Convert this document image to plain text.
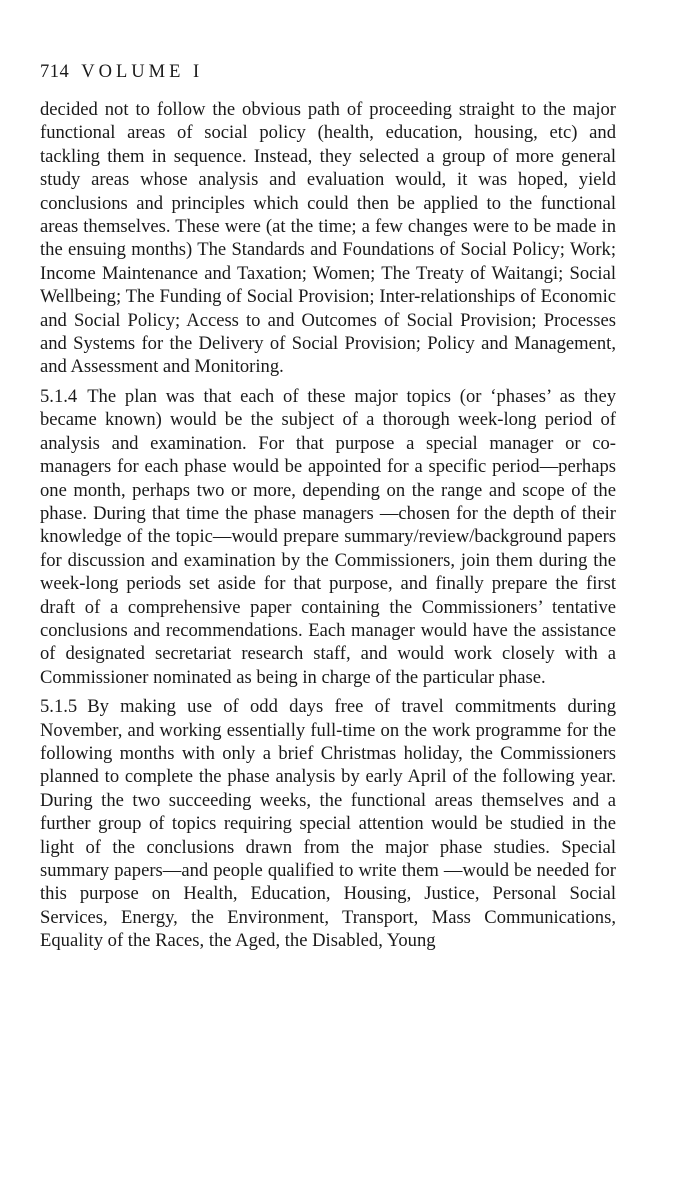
714 VOLUME I

decided not to follow the obvious path of proceeding straight to the major functional areas of social policy (health, education, housing, etc) and tackling them in sequence. Instead, they selected a group of more general study areas whose analysis and evaluation would, it was hoped, yield conclusions and principles which could then be applied to the functional areas themselves. These were (at the time; a few changes were to be made in the ensuing months) The Standards and Foundations of Social Policy; Work; Income Maintenance and Taxation; Women; The Treaty of Waitangi; Social Wellbeing; The Funding of Social Provision; Inter-relationships of Economic and Social Policy; Access to and Outcomes of Social Provision; Processes and Systems for the Delivery of Social Provision; Policy and Management, and Assessment and Monitoring.

5.1.4 The plan was that each of these major topics (or ‘phases’ as they became known) would be the subject of a thorough week-long period of analysis and examination. For that purpose a special manager or co-managers for each phase would be appointed for a specific period—perhaps one month, perhaps two or more, depending on the range and scope of the phase. During that time the phase managers —chosen for the depth of their knowledge of the topic—would prepare summary/review/background papers for discussion and examination by the Commissioners, join them during the week-long periods set aside for that purpose, and finally prepare the first draft of a comprehensive paper containing the Commissioners’ tentative conclusions and recommendations. Each manager would have the assistance of designated secretariat research staff, and would work closely with a Commissioner nominated as being in charge of the particular phase.

5.1.5 By making use of odd days free of travel commitments during November, and working essentially full-time on the work programme for the following months with only a brief Christmas holiday, the Commissioners planned to complete the phase analysis by early April of the following year. During the two succeeding weeks, the functional areas themselves and a further group of topics requiring special attention would be studied in the light of the conclusions drawn from the major phase studies. Special summary papers—and people qualified to write them —would be needed for this purpose on Health, Education, Housing, Justice, Personal Social Services, Energy, the Environment, Transport, Mass Communications, Equality of the Races, the Aged, the Disabled, Young
